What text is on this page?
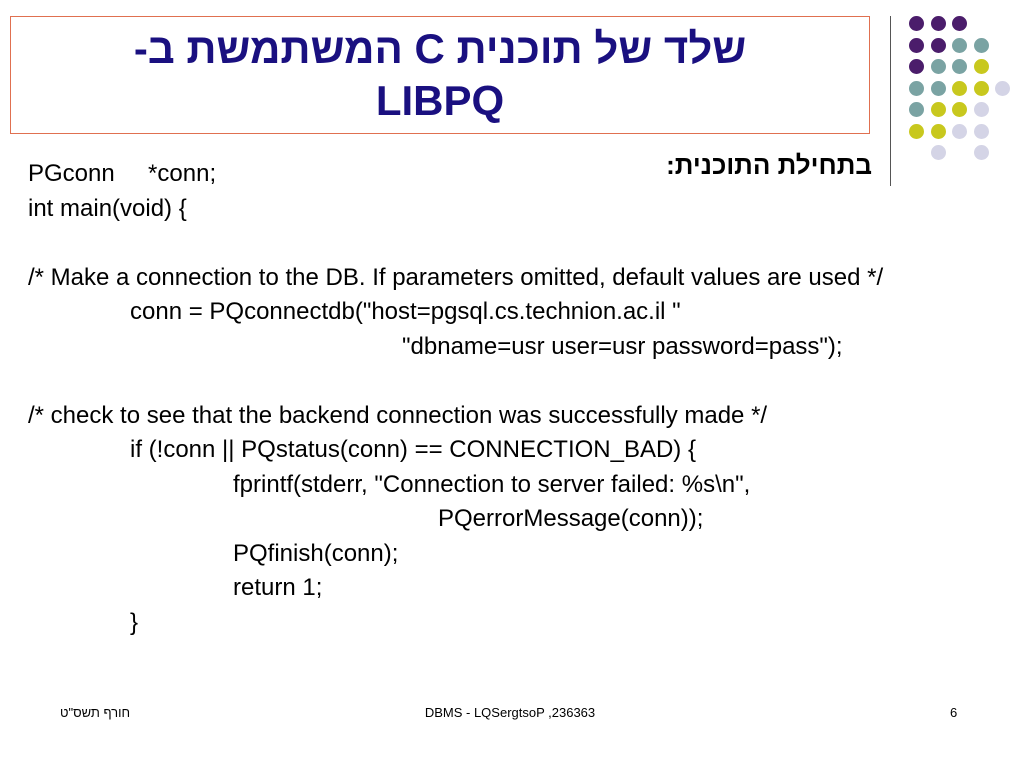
שלד של תוכנית C המשתמשת ב-
LIBPQ
בתחילת התוכנית:
PGconn     *conn;
int main(void) {
/* Make a connection to the DB. If parameters omitted, default values are used */
conn = PQconnectdb("host=pgsql.cs.technion.ac.il "
"dbname=usr user=usr password=pass");
/* check to see that the backend connection was successfully made */
if (!conn || PQstatus(conn) == CONNECTION_BAD) {
fprintf(stderr, "Connection to server failed: %s\n",
PQerrorMessage(conn));
PQfinish(conn);
return 1;
}
חורף תשס"ט	DBMS - LQSergtsoP ,236363	6
